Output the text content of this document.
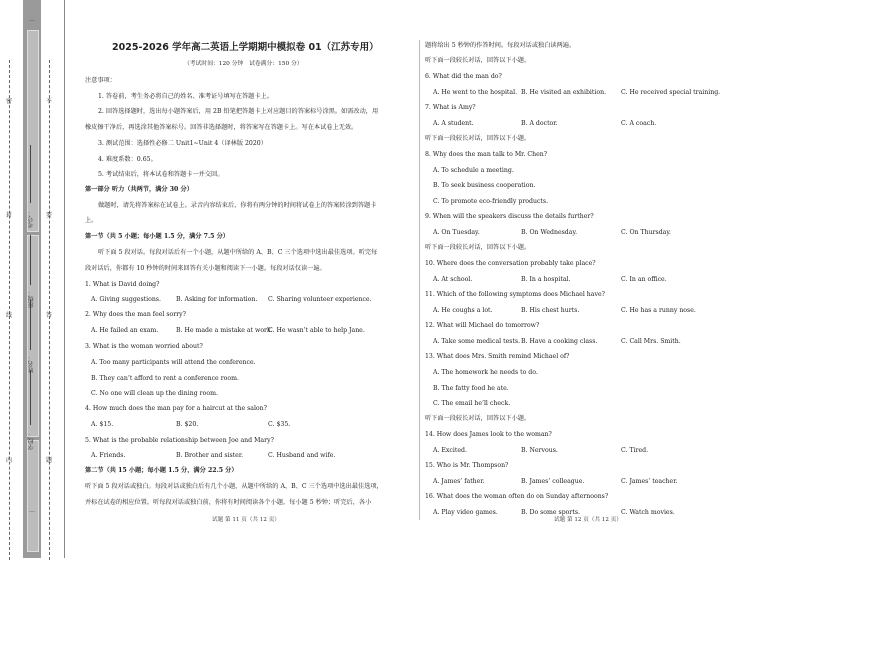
密
封
线
内
不
要
答
题
…
…
学校：
姓名：
班级：
考号：
2025-2026 学年高二英语上学期期中模拟卷 01（江苏专用）
（考试时间：120 分钟　试卷满分：150 分）
注意事项：
1. 答卷前，考生务必将自己的姓名、准考证号填写在答题卡上。
2. 回答选择题时，选出每小题答案后，用 2B 铅笔把答题卡上对应题目的答案标号涂黑。如需改动，用
橡皮擦干净后，再选涂其他答案标号。回答非选择题时，将答案写在答题卡上。写在本试卷上无效。
3. 测试范围：选择性必修二 Unit1~Unit 4（译林版 2020）
4. 难度系数：0.65。
5. 考试结束后，将本试卷和答题卡一并交回。
第一部分 听力（共两节，满分 30 分）
做题时，请先将答案标在试卷上。录音内容结束后，你将有两分钟的时间将试卷上的答案转涂到答题卡
上。
第一节（共 5 小题；每小题 1.5 分，满分 7.5 分）
听下面 5 段对话。每段对话后有一个小题，从题中所给的 A、B、C 三个选项中选出最佳选项。听完每
段对话后，你都有 10 秒钟的时间来回答有关小题和阅读下一小题。每段对话仅读一遍。
1. What is David doing?
A. Giving suggestions. B. Asking for information. C. Sharing volunteer experience.
2. Why does the man feel sorry?
A. He failed an exam.	B. He made a mistake at work.
C. He wasn’t able to help Jane.
3. What is the woman worried about?
A. Too many participants will attend the conference.
B. They can’t afford to rent a conference room.
C. No one will clean up the dining room.
4. How much does the man pay for a haircut at the salon?
A. $15.	B. $20.	C. $35.
5. What is the probable relationship between Joe and Mary?
A. Friends.	B. Brother and sister.	C. Husband and wife.
第二节（共 15 小题；每小题 1.5 分，满分 22.5 分）
听下面 5 段对话或独白。每段对话或独白后有几个小题，从题中所给的 A、B、C 三个选项中选出最佳选项，
并标在试卷的相应位置。听每段对话或独白前，你将有时间阅读各个小题，每小题 5 秒钟；听完后，各小
试题 第 11 页（共 12 页）
题将给出 5 秒钟的作答时间。每段对话或独白读两遍。
听下面一段较长对话，回答以下小题。
6. What did the man do?
A. He went to the hospital. B. He visited an exhibition. C. He received special training.
7. What is Amy?
A. A student.	B. A doctor.	C. A coach.
听下面一段较长对话，回答以下小题。
8. Why does the man talk to Mr. Chen?
A. To schedule a meeting.
B. To seek business cooperation.
C. To promote eco-friendly products.
9. When will the speakers discuss the details further?
A. On Tuesday.	B. On Wednesday.	C. On Thursday.
听下面一段较长对话，回答以下小题。
10. Where does the conversation probably take place?
A. At school.	B. In a hospital.	C. In an office.
11. Which of the following symptoms does Michael have?
A. He coughs a lot.	B. His chest hurts.	C. He has a runny nose.
12. What will Michael do tomorrow?
A. Take some medical tests. B. Have a cooking class.	C. Call Mrs. Smith.
13. What does Mrs. Smith remind Michael of?
A. The homework he needs to do.
B. The fatty food he ate.
C. The email he’ll check.
听下面一段较长对话，回答以下小题。
14. How does James look to the woman?
A. Excited.	B. Nervous.	C. Tired.
15. Who is Mr. Thompson?
A. James’ father.	B. James’ colleague.	C. James’ teacher.
16. What does the woman often do on Sunday afternoons?
A. Play video games.	B. Do some sports.	C. Watch movies.
试题 第 12 页（共 12 页）
